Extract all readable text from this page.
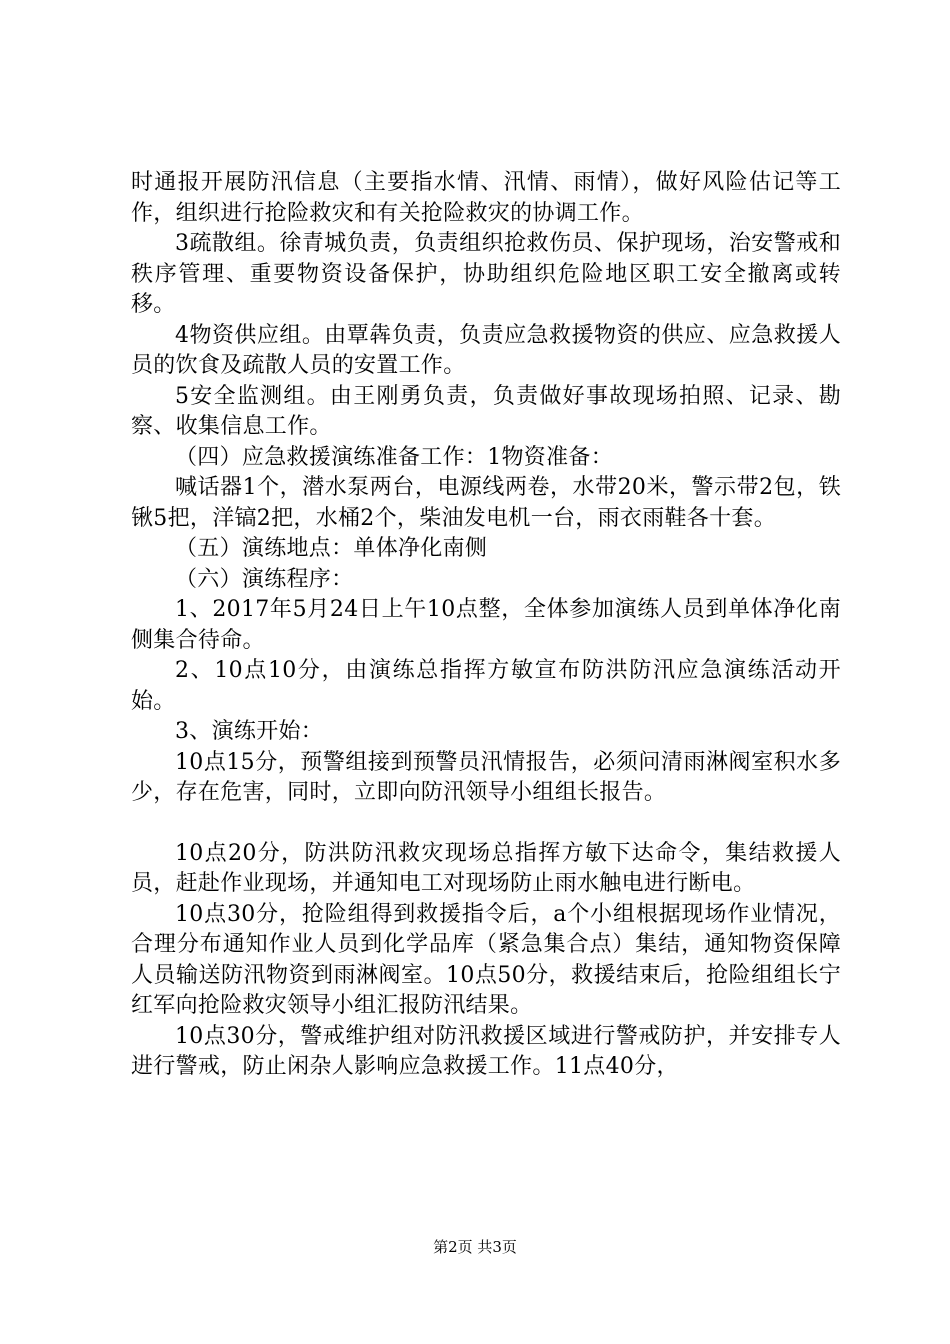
时通报开展防汛信息（主要指水情、汛情、雨情），做好风险估记等工作，组织进行抢险救灾和有关抢险救灾的协调工作。

3疏散组。徐青城负责，负责组织抢救伤员、保护现场，治安警戒和秩序管理、重要物资设备保护，协助组织危险地区职工安全撤离或转移。

4物资供应组。由覃犇负责，负责应急救援物资的供应、应急救援人员的饮食及疏散人员的安置工作。

5安全监测组。由王刚勇负责，负责做好事故现场拍照、记录、勘察、收集信息工作。

（四）应急救援演练准备工作：1物资准备：

喊话器1个，潜水泵两台，电源线两卷，水带20米，警示带2包，铁锹5把，洋镐2把，水桶2个，柴油发电机一台，雨衣雨鞋各十套。

（五）演练地点：单体净化南侧

（六）演练程序：

1、2017年5月24日上午10点整，全体参加演练人员到单体净化南侧集合待命。

2、10点10分，由演练总指挥方敏宣布防洪防汛应急演练活动开始。

3、演练开始：

10点15分，预警组接到预警员汛情报告，必须问清雨淋阀室积水多少，存在危害，同时，立即向防汛领导小组组长报告。

10点20分，防洪防汛救灾现场总指挥方敏下达命令，集结救援人员，赶赴作业现场，并通知电工对现场防止雨水触电进行断电。

10点30分，抢险组得到救援指令后，a个小组根据现场作业情况，合理分布通知作业人员到化学品库（紧急集合点）集结，通知物资保障人员输送防汛物资到雨淋阀室。10点50分，救援结束后，抢险组组长宁红军向抢险救灾领导小组汇报防汛结果。

10点30分，警戒维护组对防汛救援区域进行警戒防护，并安排专人进行警戒，防止闲杂人影响应急救援工作。11点40分，

第2页 共3页
